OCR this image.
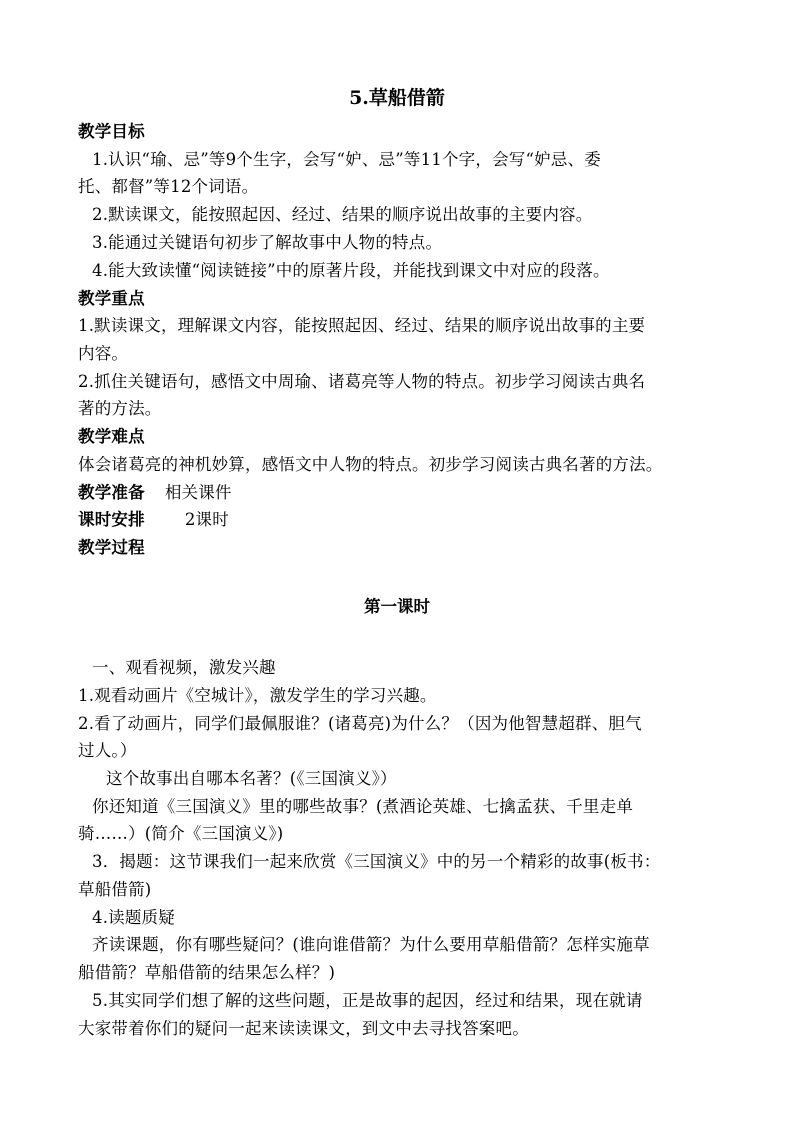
5.草船借箭
教学目标
1.认识“瑜、忌”等9个生字，会写“妒、忌”等11个字，会写“妒忌、委
托、都督”等12个词语。
2.默读课文，能按照起因、经过、结果的顺序说出故事的主要内容。
3.能通过关键语句初步了解故事中人物的特点。
4.能大致读懂“阅读链接”中的原著片段，并能找到课文中对应的段落。
教学重点
1.默读课文，理解课文内容，能按照起因、经过、结果的顺序说出故事的主要
内容。
2.抓住关键语句，感悟文中周瑜、诸葛亮等人物的特点。初步学习阅读古典名
著的方法。
教学难点
体会诸葛亮的神机妙算，感悟文中人物的特点。初步学习阅读古典名著的方法。
教学准备 相关课件
课时安排 2课时
教学过程
第一课时
一、观看视频，激发兴趣
1.观看动画片《空城计》，激发学生的学习兴趣。
2.看了动画片，同学们最佩服谁？(诸葛亮)为什么？（因为他智慧超群、胆气
过人。）
这个故事出自哪本名著？(《三国演义》）
你还知道《三国演义》里的哪些故事？(煮酒论英雄、七擒孟获、千里走单
骑……）(简介《三国演义》)
3．揭题：这节课我们一起来欣赏《三国演义》中的另一个精彩的故事(板书：
草船借箭)
4.读题质疑
齐读课题，你有哪些疑问？(谁向谁借箭？为什么要用草船借箭？怎样实施草
船借箭？草船借箭的结果怎么样？)
5.其实同学们想了解的这些问题，正是故事的起因，经过和结果，现在就请
大家带着你们的疑问一起来读读课文，到文中去寻找答案吧。
